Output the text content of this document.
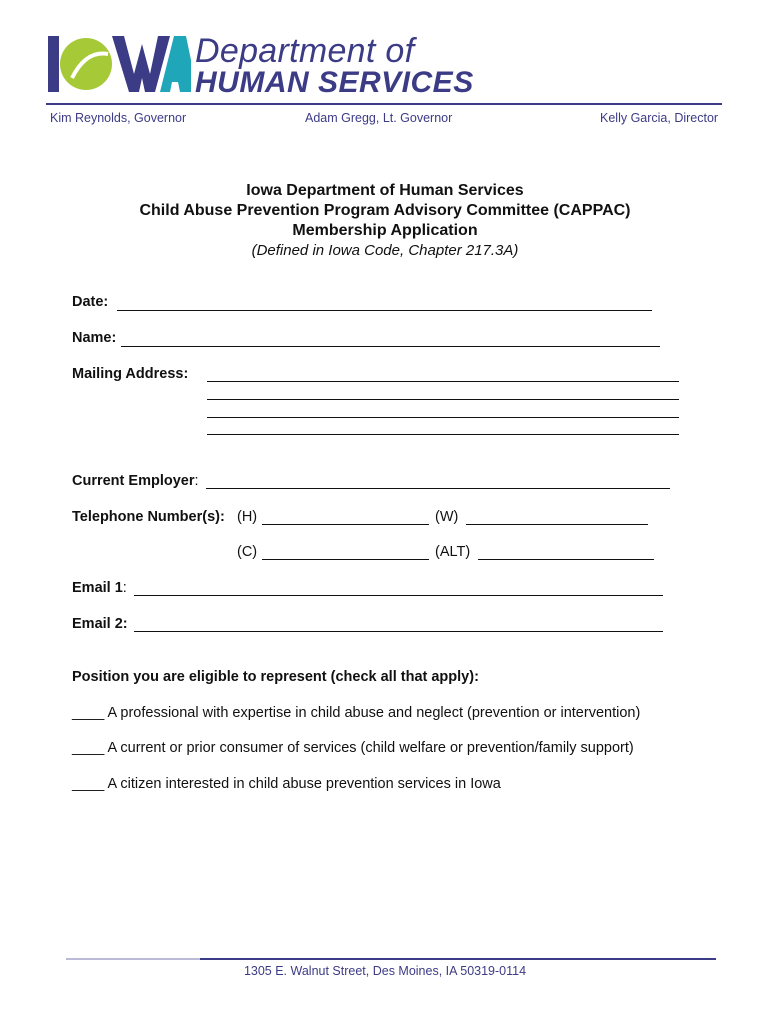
Department of
HUMAN SERVICES
Kim Reynolds, Governor	Adam Gregg, Lt. Governor	Kelly Garcia, Director
Iowa Department of Human Services
Child Abuse Prevention Program Advisory Committee (CAPPAC)
Membership Application
(Defined in Iowa Code, Chapter 217.3A)
Date:
Name:
Mailing Address:
Current Employer:
Telephone Number(s): (H)	(W)
(C)	(ALT)
Email 1:
Email 2:
Position you are eligible to represent (check all that apply):
____ A professional with expertise in child abuse and neglect (prevention or intervention)
____ A current or prior consumer of services (child welfare or prevention/family support)
____ A citizen interested in child abuse prevention services in Iowa
1305 E. Walnut Street, Des Moines, IA 50319-0114
